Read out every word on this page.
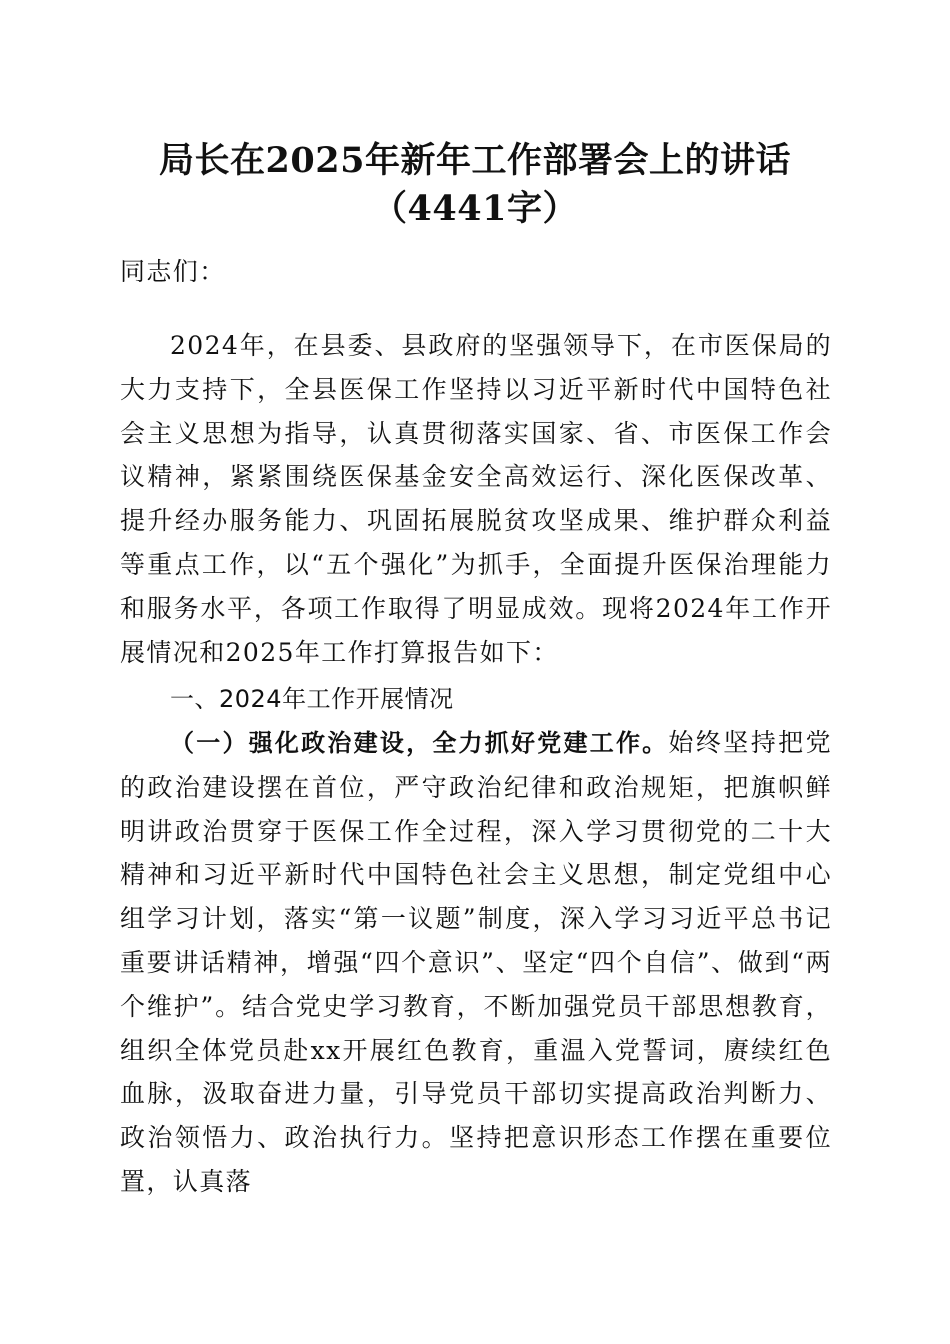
局长在2025年新年工作部署会上的讲话
（4441字）

同志们：

2024年，在县委、县政府的坚强领导下，在市医保局的大力支持下，全县医保工作坚持以习近平新时代中国特色社会主义思想为指导，认真贯彻落实国家、省、市医保工作会议精神，紧紧围绕医保基金安全高效运行、深化医保改革、提升经办服务能力、巩固拓展脱贫攻坚成果、维护群众利益等重点工作，以“五个强化”为抓手，全面提升医保治理能力和服务水平，各项工作取得了明显成效。现将2024年工作开展情况和2025年工作打算报告如下：

一、2024年工作开展情况

（一）强化政治建设，全力抓好党建工作。始终坚持把党的政治建设摆在首位，严守政治纪律和政治规矩，把旗帜鲜明讲政治贯穿于医保工作全过程，深入学习贯彻党的二十大精神和习近平新时代中国特色社会主义思想，制定党组中心组学习计划，落实“第一议题”制度，深入学习习近平总书记重要讲话精神，增强“四个意识”、坚定“四个自信”、做到“两个维护”。结合党史学习教育，不断加强党员干部思想教育，组织全体党员赴xx开展红色教育，重温入党誓词，赓续红色血脉，汲取奋进力量，引导党员干部切实提高政治判断力、政治领悟力、政治执行力。坚持把意识形态工作摆在重要位置，认真落
